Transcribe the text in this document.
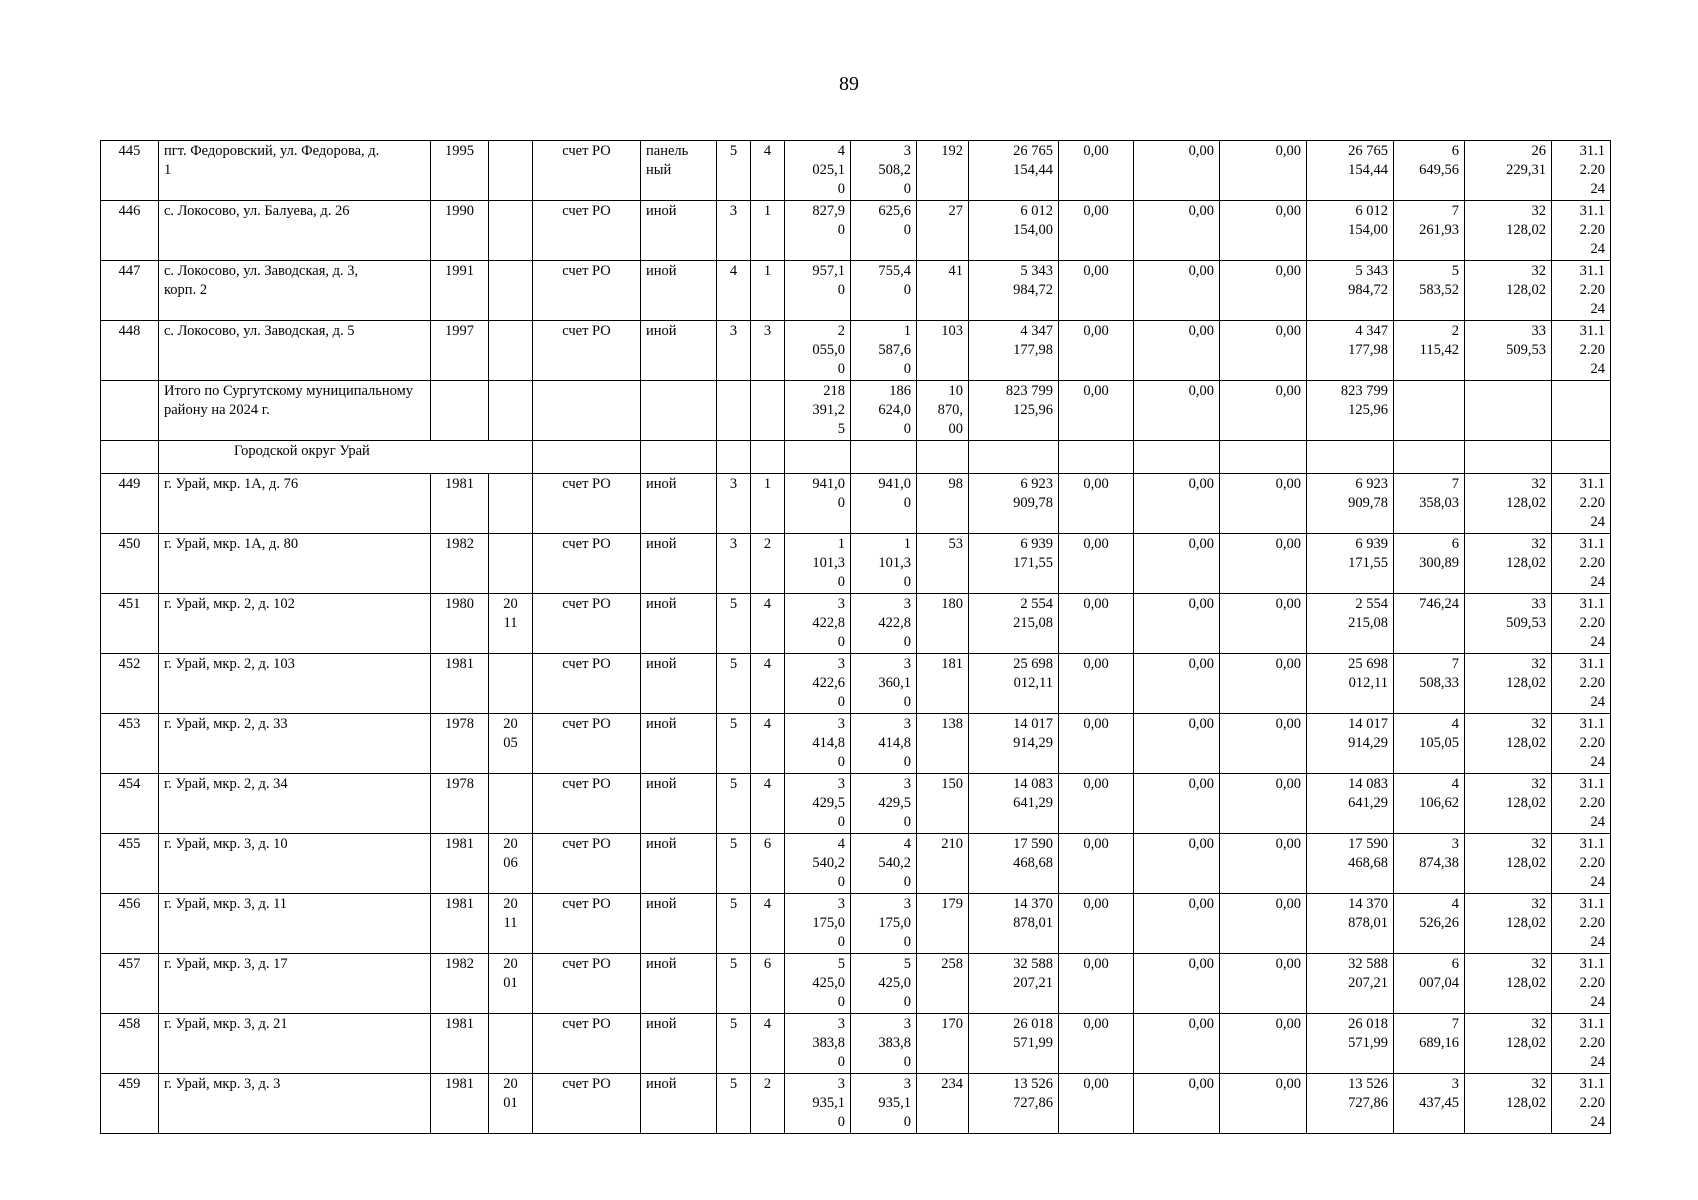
89
445	пгт. Федоровский, ул. Федорова, д.
1	1995		счет РО	панель
ный	5	4	4
025,1
0	3
508,2
0	192	26 765
154,44	0,00	0,00	0,00	26 765
154,44	6
649,56	26
229,31	31.1
2.20
24
446	с. Локосово, ул. Балуева, д. 26	1990		счет РО	иной	3	1	827,9
0	625,6
0	27	6 012
154,00	0,00	0,00	0,00	6 012
154,00	7
261,93	32
128,02	31.1
2.20
24
447	с. Локосово, ул. Заводская, д. 3,
корп. 2	1991		счет РО	иной	4	1	957,1
0	755,4
0	41	5 343
984,72	0,00	0,00	0,00	5 343
984,72	5
583,52	32
128,02	31.1
2.20
24
448	с. Локосово, ул. Заводская, д. 5	1997		счет РО	иной	3	3	2
055,0
0	1
587,6
0	103	4 347
177,98	0,00	0,00	0,00	4 347
177,98	2
115,42	33
509,53	31.1
2.20
24
	Итого по Сургутскому муниципальному
району на 2024 г.							218
391,2
5	186
624,0
0	10
870,
00	823 799
125,96	0,00	0,00	0,00	823 799
125,96			
	Городской округ Урай																	
449	г. Урай, мкр. 1А, д. 76	1981		счет РО	иной	3	1	941,0
0	941,0
0	98	6 923
909,78	0,00	0,00	0,00	6 923
909,78	7
358,03	32
128,02	31.1
2.20
24
450	г. Урай, мкр. 1А, д. 80	1982		счет РО	иной	3	2	1
101,3
0	1
101,3
0	53	6 939
171,55	0,00	0,00	0,00	6 939
171,55	6
300,89	32
128,02	31.1
2.20
24
451	г. Урай, мкр. 2, д. 102	1980	20
11	счет РО	иной	5	4	3
422,8
0	3
422,8
0	180	2 554
215,08	0,00	0,00	0,00	2 554
215,08	746,24	33
509,53	31.1
2.20
24
452	г. Урай, мкр. 2, д. 103	1981		счет РО	иной	5	4	3
422,6
0	3
360,1
0	181	25 698
012,11	0,00	0,00	0,00	25 698
012,11	7
508,33	32
128,02	31.1
2.20
24
453	г. Урай, мкр. 2, д. 33	1978	20
05	счет РО	иной	5	4	3
414,8
0	3
414,8
0	138	14 017
914,29	0,00	0,00	0,00	14 017
914,29	4
105,05	32
128,02	31.1
2.20
24
454	г. Урай, мкр. 2, д. 34	1978		счет РО	иной	5	4	3
429,5
0	3
429,5
0	150	14 083
641,29	0,00	0,00	0,00	14 083
641,29	4
106,62	32
128,02	31.1
2.20
24
455	г. Урай, мкр. 3, д. 10	1981	20
06	счет РО	иной	5	6	4
540,2
0	4
540,2
0	210	17 590
468,68	0,00	0,00	0,00	17 590
468,68	3
874,38	32
128,02	31.1
2.20
24
456	г. Урай, мкр. 3, д. 11	1981	20
11	счет РО	иной	5	4	3
175,0
0	3
175,0
0	179	14 370
878,01	0,00	0,00	0,00	14 370
878,01	4
526,26	32
128,02	31.1
2.20
24
457	г. Урай, мкр. 3, д. 17	1982	20
01	счет РО	иной	5	6	5
425,0
0	5
425,0
0	258	32 588
207,21	0,00	0,00	0,00	32 588
207,21	6
007,04	32
128,02	31.1
2.20
24
458	г. Урай, мкр. 3, д. 21	1981		счет РО	иной	5	4	3
383,8
0	3
383,8
0	170	26 018
571,99	0,00	0,00	0,00	26 018
571,99	7
689,16	32
128,02	31.1
2.20
24
459	г. Урай, мкр. 3, д. 3	1981	20
01	счет РО	иной	5	2	3
935,1
0	3
935,1
0	234	13 526
727,86	0,00	0,00	0,00	13 526
727,86	3
437,45	32
128,02	31.1
2.20
24
